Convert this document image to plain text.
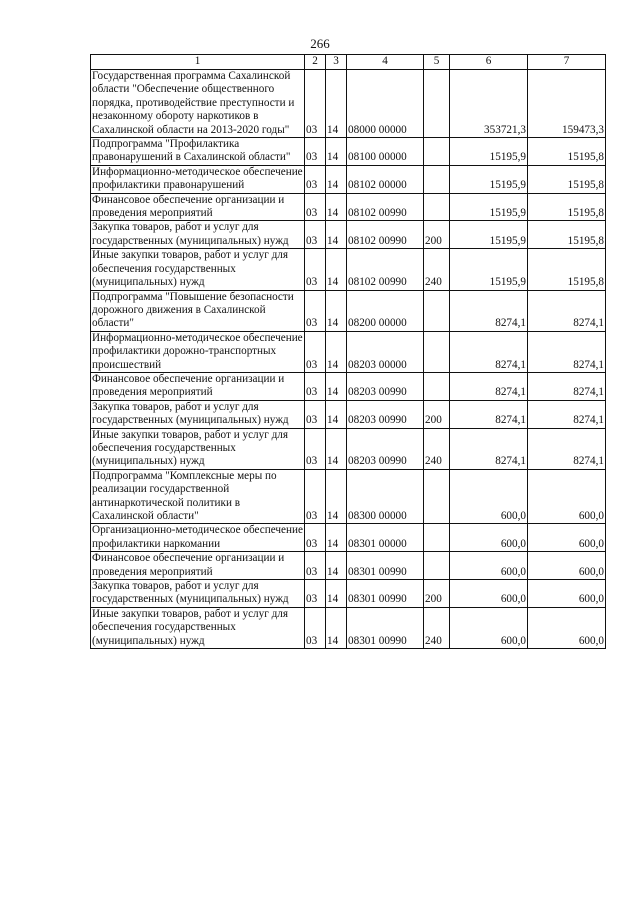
266
1	2	3	4	5	6	7
Государственная программа Сахалинской области "Обеспечение общественного порядка, противодействие преступности и незаконному обороту наркотиков в Сахалинской области на 2013-2020 годы"	03	14	08000 00000		353721,3	159473,3
Подпрограмма "Профилактика правонарушений в Сахалинской области"	03	14	08100 00000		15195,9	15195,8
Информационно-методическое обеспечение профилактики правонарушений	03	14	08102 00000		15195,9	15195,8
Финансовое обеспечение организации и проведения мероприятий	03	14	08102 00990		15195,9	15195,8
Закупка товаров, работ и услуг для государственных (муниципальных) нужд	03	14	08102 00990	200	15195,9	15195,8
Иные закупки товаров, работ и услуг для обеспечения государственных (муниципальных) нужд	03	14	08102 00990	240	15195,9	15195,8
Подпрограмма "Повышение безопасности дорожного движения в Сахалинской области"	03	14	08200 00000		8274,1	8274,1
Информационно-методическое обеспечение профилактики дорожно-транспортных происшествий	03	14	08203 00000		8274,1	8274,1
Финансовое обеспечение организации и проведения мероприятий	03	14	08203 00990		8274,1	8274,1
Закупка товаров, работ и услуг для государственных (муниципальных) нужд	03	14	08203 00990	200	8274,1	8274,1
Иные закупки товаров, работ и услуг для обеспечения государственных (муниципальных) нужд	03	14	08203 00990	240	8274,1	8274,1
Подпрограмма "Комплексные меры по реализации государственной антинаркотической политики в Сахалинской области"	03	14	08300 00000		600,0	600,0
Организационно-методическое обеспечение профилактики наркомании	03	14	08301 00000		600,0	600,0
Финансовое обеспечение организации и проведения мероприятий	03	14	08301 00990		600,0	600,0
Закупка товаров, работ и услуг для государственных (муниципальных) нужд	03	14	08301 00990	200	600,0	600,0
Иные закупки товаров, работ и услуг для обеспечения государственных (муниципальных) нужд	03	14	08301 00990	240	600,0	600,0
